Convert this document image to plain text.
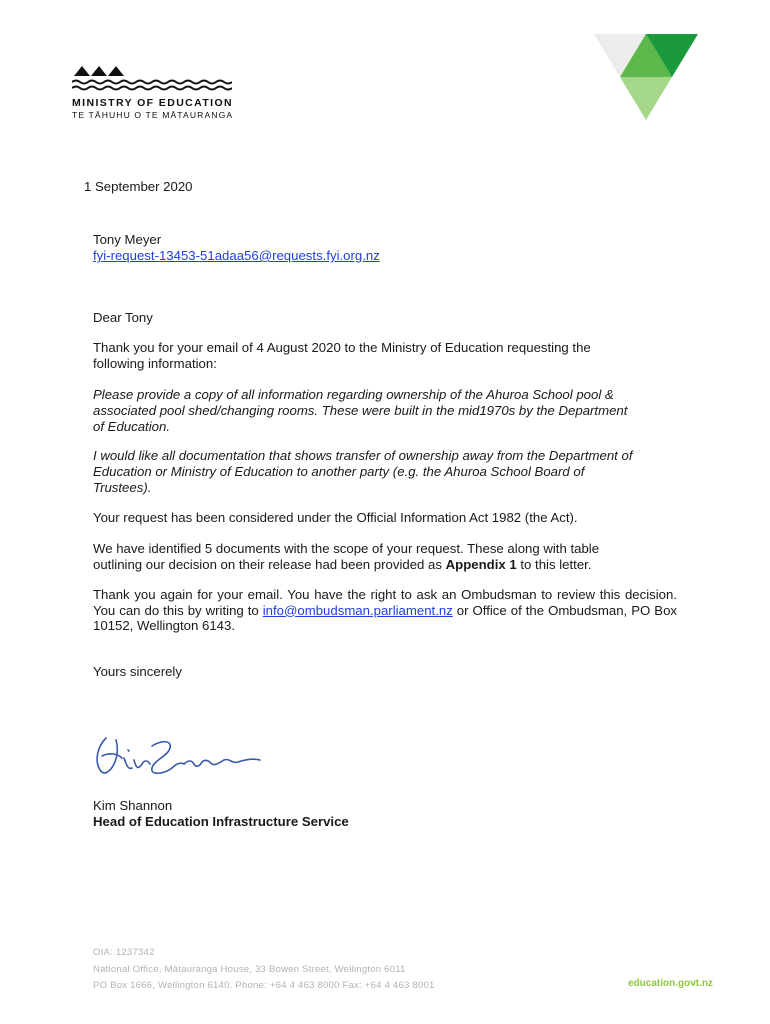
MINISTRY OF EDUCATION
TE TĀHUHU O TE MĀTAURANGA
1 September 2020
Tony Meyer
fyi-request-13453-51adaa56@requests.fyi.org.nz
Dear Tony
Thank you for your email of 4 August 2020 to the Ministry of Education requesting the
following information:
Please provide a copy of all information regarding ownership of the Ahuroa School pool &
associated pool shed/changing rooms. These were built in the mid1970s by the Department
of Education.
I would like all documentation that shows transfer of ownership away from the Department of
Education or Ministry of Education to another party (e.g. the Ahuroa School Board of
Trustees).
Your request has been considered under the Official Information Act 1982 (the Act).
We have identified 5 documents with the scope of your request. These along with table
outlining our decision on their release had been provided as Appendix 1 to this letter.
Thank you again for your email. You have the right to ask an Ombudsman to review this decision. You can do this by writing to info@ombudsman.parliament.nz or Office of the Ombudsman, PO Box 10152, Wellington 6143.
Yours sincerely
Kim Shannon
Head of Education Infrastructure Service
OIA: 1237342
National Office, Mātauranga House, 33 Bowen Street, Wellington 6011
PO Box 1666, Wellington 6140. Phone: +64 4 463 8000 Fax: +64 4 463 8001	education.govt.nz
